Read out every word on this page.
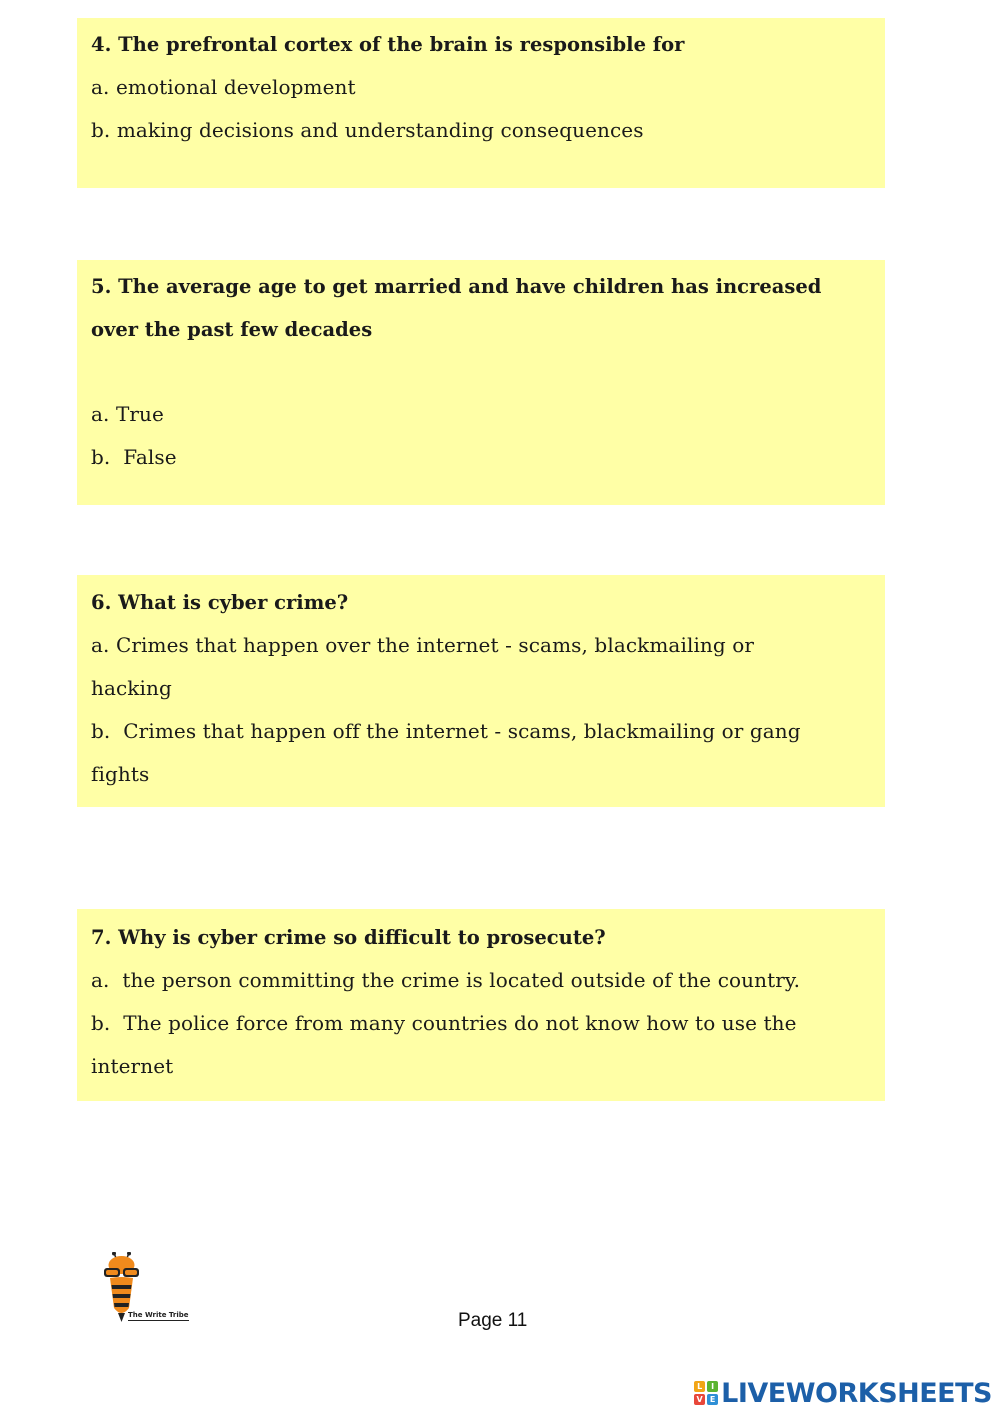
4. The prefrontal cortex of the brain is responsible for

a. emotional development

b. making decisions and understanding consequences

5. The average age to get married and have children has increased

over the past few decades

a. True

b.  False

6. What is cyber crime?

a. Crimes that happen over the internet - scams, blackmailing or

hacking

b.  Crimes that happen off the internet - scams, blackmailing or gang

fights

7. Why is cyber crime so difficult to prosecute?

a.  the person committing the crime is located outside of the country.

b.  The police force from many countries do not know how to use the

internet

The Write Tribe	Page 11
L	I
V E LIVEWORKSHEETS
